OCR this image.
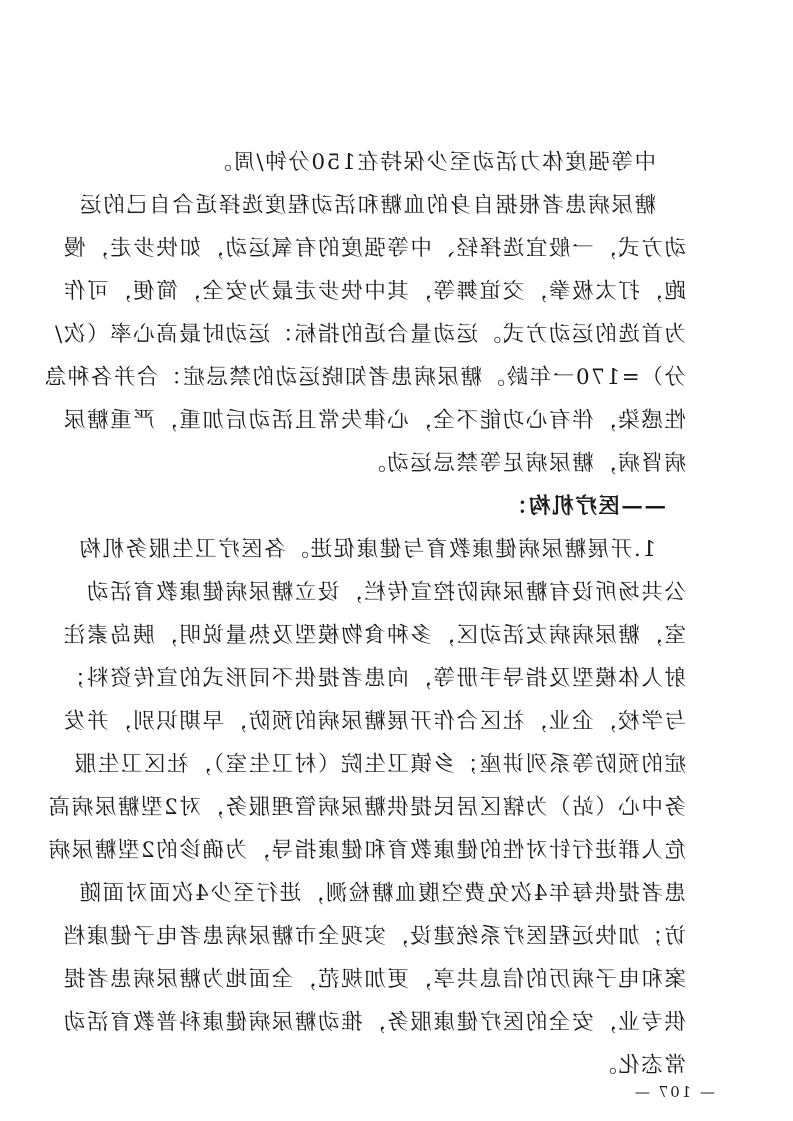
中等强度体力活动至少保持在150分钟/周。
糖尿病患者根据自身的血糖和活动程度选择适合自己的运
动方式，一般宜选择轻、中等强度的有氧运动，如快步走，慢
跑，打太极拳，交谊舞等，其中快步走最为安全，简便，可作
为首选的运动方式。运动量合适的指标：运动时最高心率（次/
分）=170一年龄。糖尿病患者知晓运动的禁忌症：合并各种急
性感染，伴有心功能不全，心律失常且活动后加重，严重糖尿
病肾病，糖尿病足等禁忌运动。
——医疗机构：
1.开展糖尿病健康教育与健康促进。各医疗卫生服务机构
公共场所设有糖尿病防控宣传栏，设立糖尿病健康教育活动
室，糖尿病病友活动区，多种食物模型及热量说明，胰岛素注
射人体模型及指导手册等，向患者提供不同形式的宣传资料；
与学校，企业，社区合作开展糖尿病的预防，早期识别，并发
症的预防等系列讲座；乡镇卫生院（村卫生室），社区卫生服
务中心（站）为辖区居民提供糖尿病管理服务，对2型糖尿病高
危人群进行针对性的健康教育和健康指导，为确诊的2型糖尿病
患者提供每年4次免费空腹血糖检测，进行至少4次面对面随
访；加快远程医疗系统建设，实现全市糖尿病患者电子健康档
案和电子病历的信息共享，更加规范，全面地为糖尿病患者提
供专业，安全的医疗健康服务，推动糖尿病健康科普教育活动
常态化。
— 107 —
